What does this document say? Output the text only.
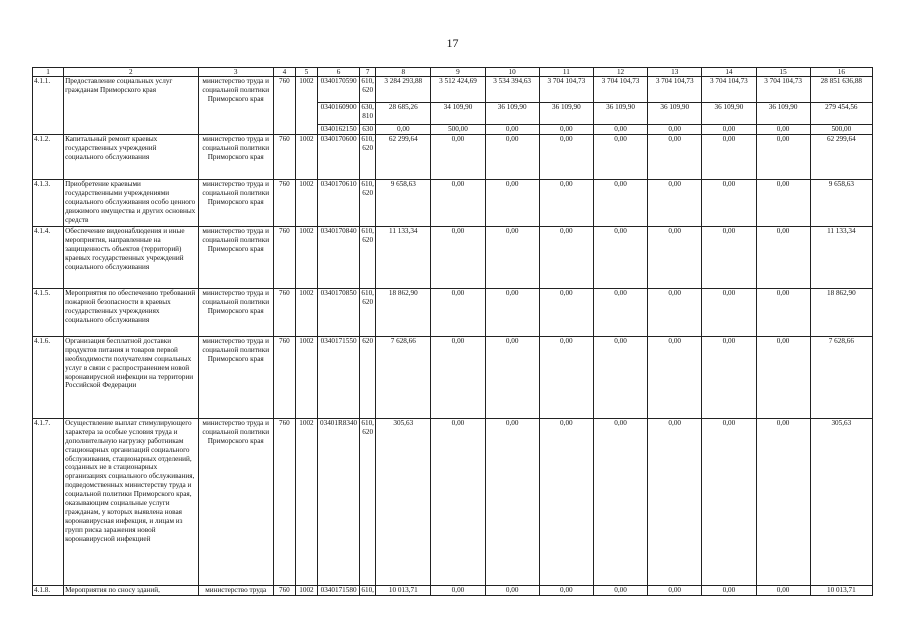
17
1	2	3	4	5	6	7	8	9	10	11	12	13	14	15	16
4.1.1.	Предоставление социальных услуг гражданам Приморского края	министерство труда и социальной политики Приморского края	760	1002	0340170590	610, 620	3 284 293,88	3 512 424,69	3 534 394,63	3 704 104,73	3 704 104,73	3 704 104,73	3 704 104,73	3 704 104,73	28 851 636,88
					0340160900	630, 810	28 685,26	34 109,90	36 109,90	36 109,90	36 109,90	36 109,90	36 109,90	36 109,90	279 454,56
					0340162150	630	0,00	500,00	0,00	0,00	0,00	0,00	0,00	0,00	500,00
4.1.2.	Капитальный ремонт краевых государственных учреждений социального обслуживания	министерство труда и социальной политики Приморского края	760	1002	0340170600	610, 620	62 299,64	0,00	0,00	0,00	0,00	0,00	0,00	0,00	62 299,64
4.1.3.	Приобретение краевыми государственными учреждениями социального обслуживания особо ценного движимого имущества и других основных средств	министерство труда и социальной политики Приморского края	760	1002	0340170610	610, 620	9 658,63	0,00	0,00	0,00	0,00	0,00	0,00	0,00	9 658,63
4.1.4.	Обеспечение видеонаблюдения и иные мероприятия, направленные на защищенность объектов (территорий) краевых государственных учреждений социального обслуживания	министерство труда и социальной политики Приморского края	760	1002	0340170840	610, 620	11 133,34	0,00	0,00	0,00	0,00	0,00	0,00	0,00	11 133,34
4.1.5.	Мероприятия по обеспечению требований пожарной безопасности в краевых государственных учреждениях социального обслуживания	министерство труда и социальной политики Приморского края	760	1002	0340170850	610, 620	18 862,90	0,00	0,00	0,00	0,00	0,00	0,00	0,00	18 862,90
4.1.6.	Организация бесплатной доставки продуктов питания и товаров первой необходимости получателям социальных услуг в связи с распространением новой коронавирусной инфекции на территории Российской Федерации	министерство труда и социальной политики Приморского края	760	1002	0340171550	620	7 628,66	0,00	0,00	0,00	0,00	0,00	0,00	0,00	7 628,66
4.1.7.	Осуществление выплат стимулирующего характера за особые условия труда и дополнительную нагрузку работникам стационарных организаций социального обслуживания, стационарных отделений, созданных не в стационарных организациях социального обслуживания, подведомственных министерству труда и социальной политики Приморского края, оказывающим социальные услуги гражданам, у которых выявлена новая коронавирусная инфекция, и лицам из групп риска заражения новой коронавирусной инфекцией	министерство труда и социальной политики Приморского края	760	1002	03401R8340	610, 620	305,63	0,00	0,00	0,00	0,00	0,00	0,00	0,00	305,63
4.1.8.	Мероприятия по сносу зданий,	министерство труда	760	1002	0340171580	610,	10 013,71	0,00	0,00	0,00	0,00	0,00	0,00	0,00	10 013,71
